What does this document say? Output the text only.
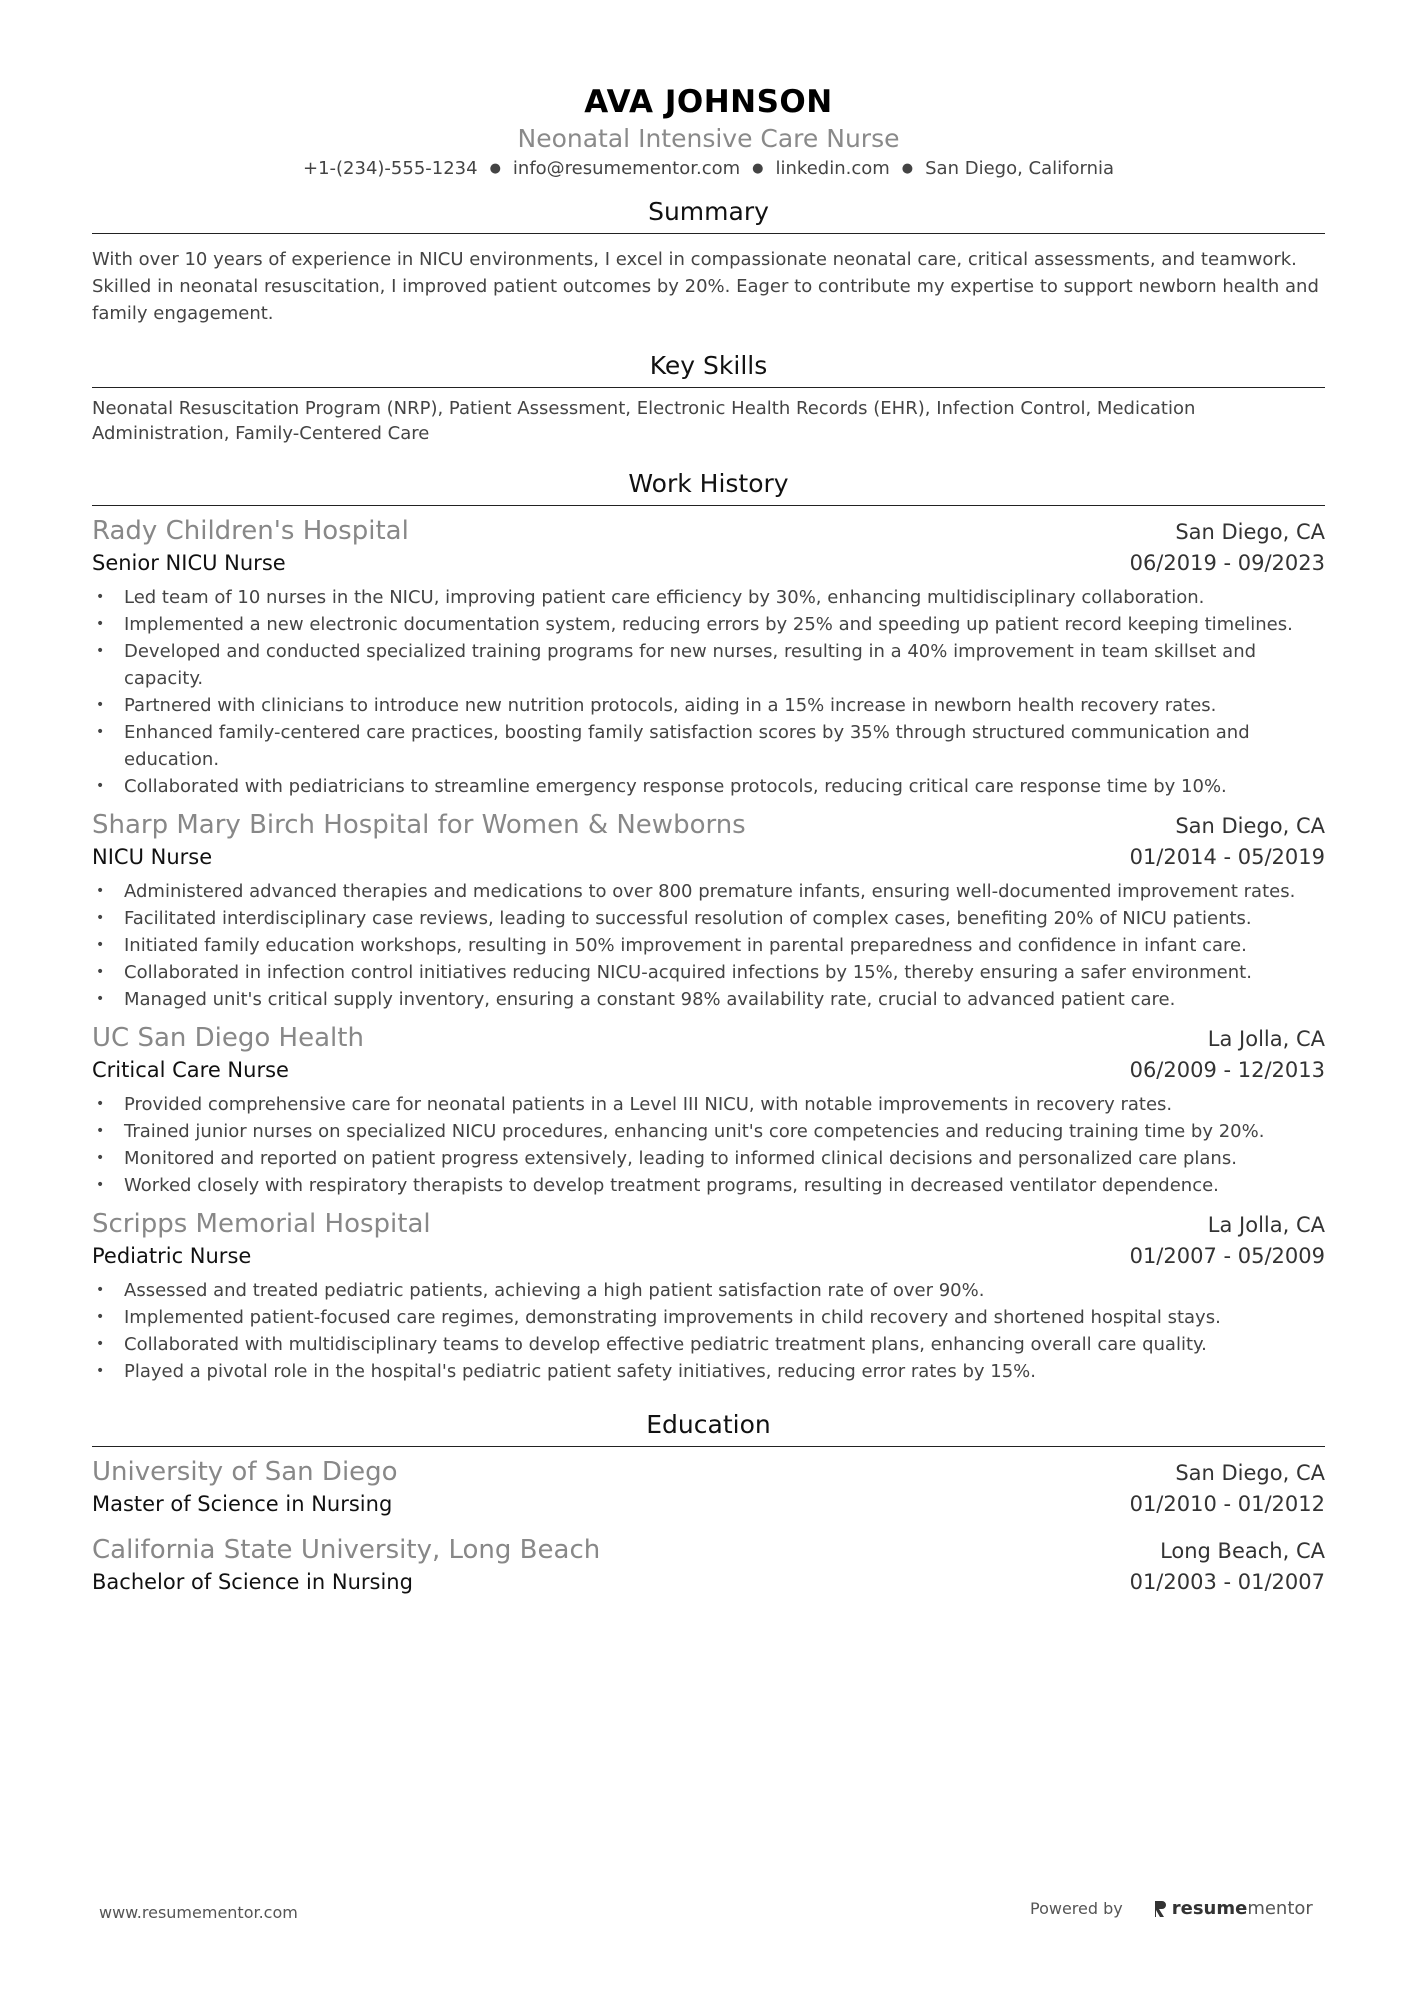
AVA JOHNSON
Neonatal Intensive Care Nurse
+1-(234)-555-1234 ● info@resumementor.com ● linkedin.com ● San Diego, California
Summary
With over 10 years of experience in NICU environments, I excel in compassionate neonatal care, critical assessments, and teamwork. Skilled in neonatal resuscitation, I improved patient outcomes by 20%. Eager to contribute my expertise to support newborn health and family engagement.
Key Skills
Neonatal Resuscitation Program (NRP), Patient Assessment, Electronic Health Records (EHR), Infection Control, Medication Administration, Family-Centered Care
Work History
Rady Children's Hospital	San Diego, CA
Senior NICU Nurse	06/2019 - 09/2023
• Led team of 10 nurses in the NICU, improving patient care efficiency by 30%, enhancing multidisciplinary collaboration.
• Implemented a new electronic documentation system, reducing errors by 25% and speeding up patient record keeping timelines.
• Developed and conducted specialized training programs for new nurses, resulting in a 40% improvement in team skillset and capacity.
• Partnered with clinicians to introduce new nutrition protocols, aiding in a 15% increase in newborn health recovery rates.
• Enhanced family-centered care practices, boosting family satisfaction scores by 35% through structured communication and education.
• Collaborated with pediatricians to streamline emergency response protocols, reducing critical care response time by 10%.
Sharp Mary Birch Hospital for Women & Newborns	San Diego, CA
NICU Nurse	01/2014 - 05/2019
• Administered advanced therapies and medications to over 800 premature infants, ensuring well-documented improvement rates.
• Facilitated interdisciplinary case reviews, leading to successful resolution of complex cases, benefiting 20% of NICU patients.
• Initiated family education workshops, resulting in 50% improvement in parental preparedness and confidence in infant care.
• Collaborated in infection control initiatives reducing NICU-acquired infections by 15%, thereby ensuring a safer environment.
• Managed unit's critical supply inventory, ensuring a constant 98% availability rate, crucial to advanced patient care.
UC San Diego Health	La Jolla, CA
Critical Care Nurse	06/2009 - 12/2013
• Provided comprehensive care for neonatal patients in a Level III NICU, with notable improvements in recovery rates.
• Trained junior nurses on specialized NICU procedures, enhancing unit's core competencies and reducing training time by 20%.
• Monitored and reported on patient progress extensively, leading to informed clinical decisions and personalized care plans.
• Worked closely with respiratory therapists to develop treatment programs, resulting in decreased ventilator dependence.
Scripps Memorial Hospital	La Jolla, CA
Pediatric Nurse	01/2007 - 05/2009
• Assessed and treated pediatric patients, achieving a high patient satisfaction rate of over 90%.
• Implemented patient-focused care regimes, demonstrating improvements in child recovery and shortened hospital stays.
• Collaborated with multidisciplinary teams to develop effective pediatric treatment plans, enhancing overall care quality.
• Played a pivotal role in the hospital's pediatric patient safety initiatives, reducing error rates by 15%.
Education
University of San Diego	San Diego, CA
Master of Science in Nursing	01/2010 - 01/2012
California State University, Long Beach	Long Beach, CA
Bachelor of Science in Nursing	01/2003 - 01/2007
www.resumementor.com	Powered by	resume mentor
